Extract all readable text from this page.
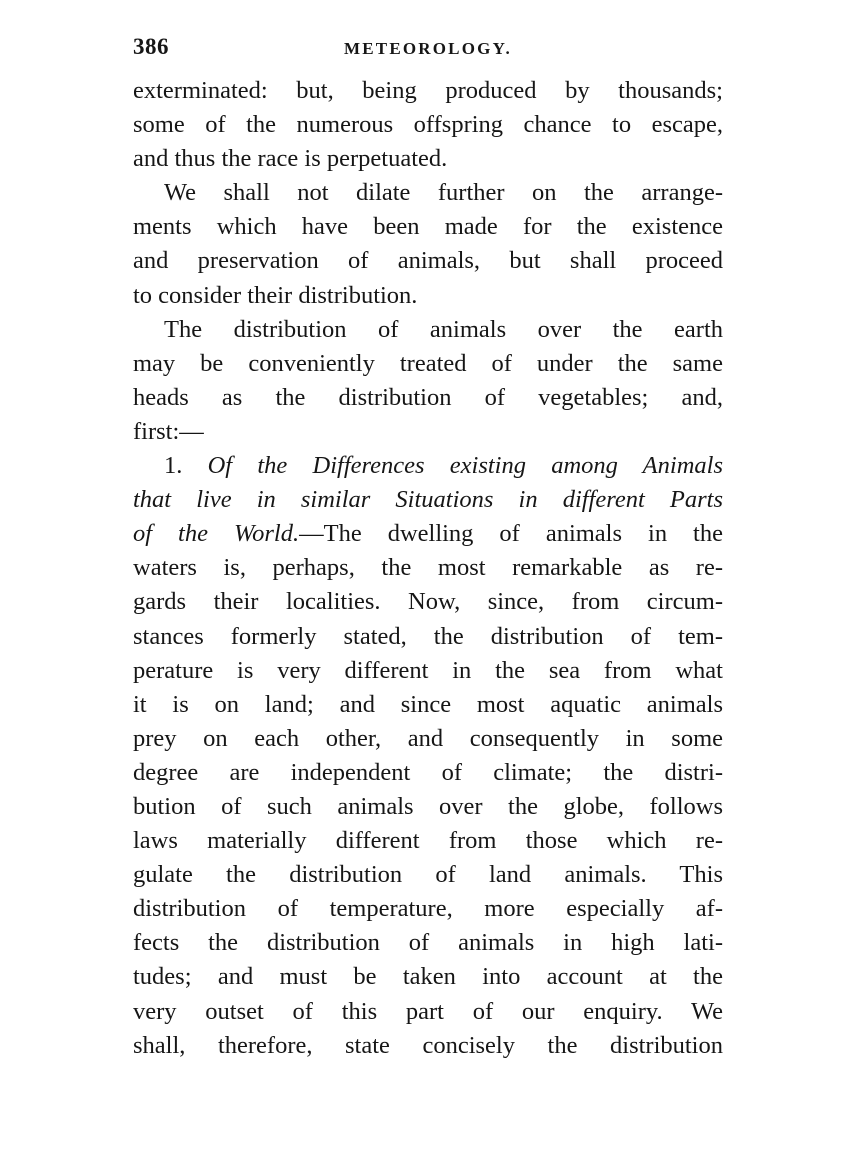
386	METEOROLOGY.

exterminated: but, being produced by thousands;
some of the numerous offspring chance to escape,
and thus the race is perpetuated.

We shall not dilate further on the arrange-
ments which have been made for the existence
and preservation of animals, but shall proceed
to consider their distribution.

The distribution of animals over the earth
may be conveniently treated of under the same
heads as the distribution of vegetables; and,
first:—

1. Of the Differences existing among Animals
that live in similar Situations in different Parts
of the World.—The dwelling of animals in the
waters is, perhaps, the most remarkable as re-
gards their localities. Now, since, from circum-
stances formerly stated, the distribution of tem-
perature is very different in the sea from what
it is on land; and since most aquatic animals
prey on each other, and consequently in some
degree are independent of climate; the distri-
bution of such animals over the globe, follows
laws materially different from those which re-
gulate the distribution of land animals. This
distribution of temperature, more especially af-
fects the distribution of animals in high lati-
tudes; and must be taken into account at the
very outset of this part of our enquiry. We
shall, therefore, state concisely the distribution
